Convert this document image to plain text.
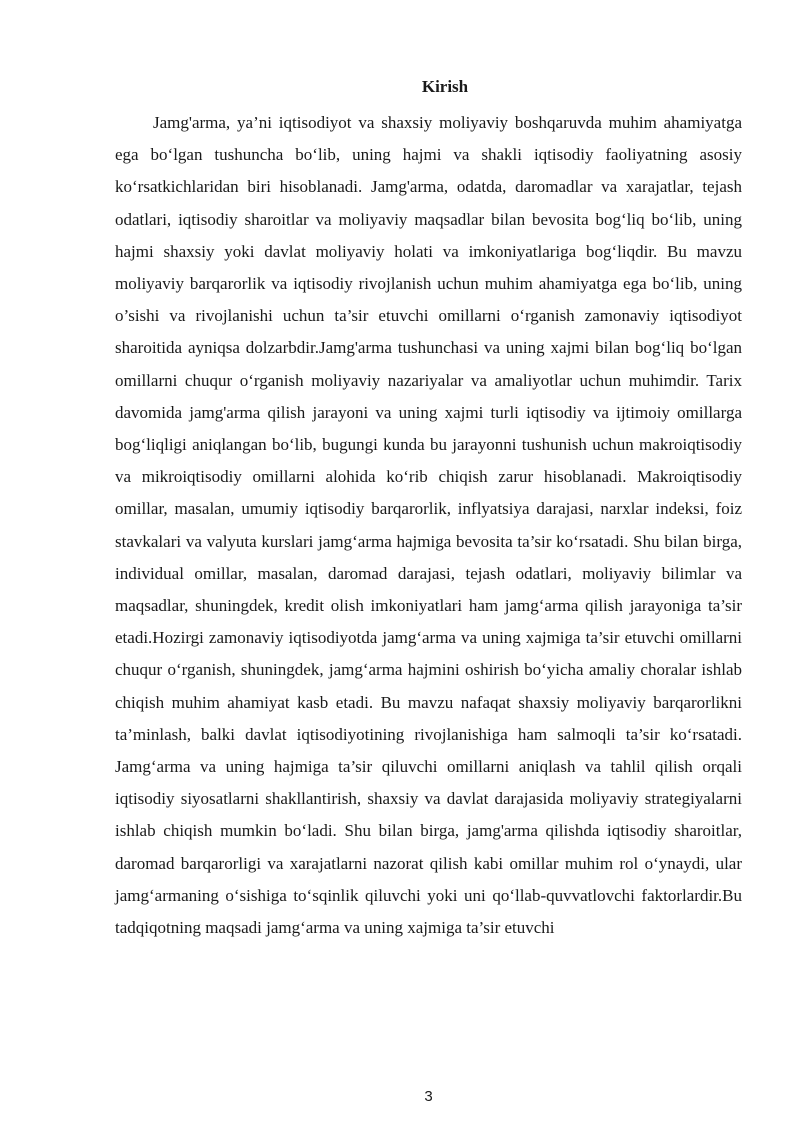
Kirish

Jamg'arma, ya’ni iqtisodiyot va shaxsiy moliyaviy boshqaruvda muhim ahamiyatga ega bo‘lgan tushuncha bo‘lib, uning hajmi va shakli iqtisodiy faoliyatning asosiy ko‘rsatkichlaridan biri hisoblanadi. Jamg'arma, odatda, daromadlar va xarajatlar, tejash odatlari, iqtisodiy sharoitlar va moliyaviy maqsadlar bilan bevosita bog‘liq bo‘lib, uning hajmi shaxsiy yoki davlat moliyaviy holati va imkoniyatlariga bog‘liqdir. Bu mavzu moliyaviy barqarorlik va iqtisodiy rivojlanish uchun muhim ahamiyatga ega bo‘lib, uning o’sishi va rivojlanishi uchun ta’sir etuvchi omillarni o‘rganish zamonaviy iqtisodiyot sharoitida ayniqsa dolzarbdir.Jamg'arma tushunchasi va uning xajmi bilan bog‘liq bo‘lgan omillarni chuqur o‘rganish moliyaviy nazariyalar va amaliyotlar uchun muhimdir. Tarix davomida jamg'arma qilish jarayoni va uning xajmi turli iqtisodiy va ijtimoiy omillarga bog‘liqligi aniqlangan bo‘lib, bugungi kunda bu jarayonni tushunish uchun makroiqtisodiy va mikroiqtisodiy omillarni alohida ko‘rib chiqish zarur hisoblanadi. Makroiqtisodiy omillar, masalan, umumiy iqtisodiy barqarorlik, inflyatsiya darajasi, narxlar indeksi, foiz stavkalari va valyuta kurslari jamg‘arma hajmiga bevosita ta’sir ko‘rsatadi. Shu bilan birga, individual omillar, masalan, daromad darajasi, tejash odatlari, moliyaviy bilimlar va maqsadlar, shuningdek, kredit olish imkoniyatlari ham jamg‘arma qilish jarayoniga ta’sir etadi.Hozirgi zamonaviy iqtisodiyotda jamg‘arma va uning xajmiga ta’sir etuvchi omillarni chuqur o‘rganish, shuningdek, jamg‘arma hajmini oshirish bo‘yicha amaliy choralar ishlab chiqish muhim ahamiyat kasb etadi. Bu mavzu nafaqat shaxsiy moliyaviy barqarorlikni ta’minlash, balki davlat iqtisodiyotining rivojlanishiga ham salmoqli ta’sir ko‘rsatadi. Jamg‘arma va uning hajmiga ta’sir qiluvchi omillarni aniqlash va tahlil qilish orqali iqtisodiy siyosatlarni shakllantirish, shaxsiy va davlat darajasida moliyaviy strategiyalarni ishlab chiqish mumkin bo‘ladi. Shu bilan birga, jamg'arma qilishda iqtisodiy sharoitlar, daromad barqarorligi va xarajatlarni nazorat qilish kabi omillar muhim rol o‘ynaydi, ular jamg‘armaning o‘sishiga to‘sqinlik qiluvchi yoki uni qo‘llab-quvvatlovchi faktorlardir.Bu tadqiqotning maqsadi jamg‘arma va uning xajmiga ta’sir etuvchi

3
